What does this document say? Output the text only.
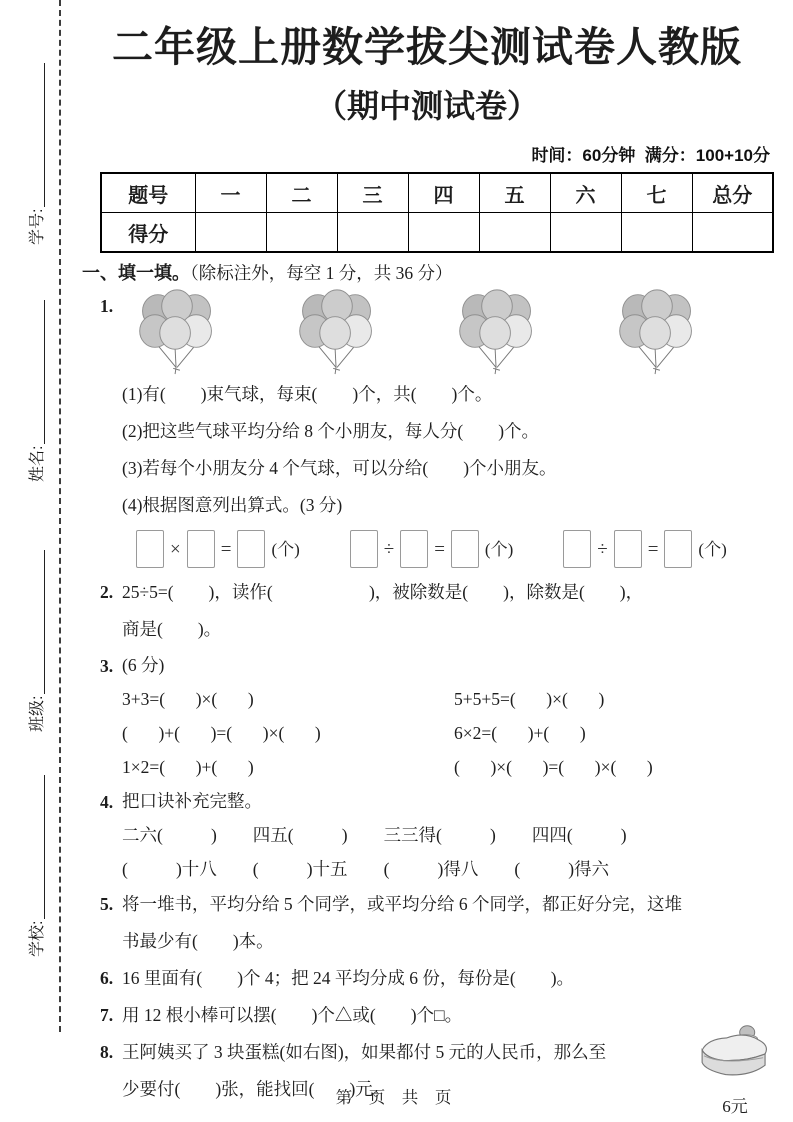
学号:
姓名:
班级:
学校:
二年级上册数学拔尖测试卷人教版
（期中测试卷）
时间：60分钟  满分：100+10分
题号	一	二	三	四	五	六	七	总分
得分								
一、填一填。（除标注外，每空 1 分，共 36 分）
1.
(1)有(        )束气球，每束(        )个，共(        )个。
(2)把这些气球平均分给 8 个小朋友，每人分(        )个。
(3)若每个小朋友分 4 个气球，可以分给(        )个小朋友。
(4)根据图意列出算式。(3 分)
× = (个)	÷ = (个)	÷ = (个)
2. 25÷5=(        )，读作(                      )，被除数是(        )，除数是(        )，
商是(        )。
3. (6 分)
3+3=(       )×(       )	5+5+5=(       )×(       )
(       )+(       )=(       )×(       )	6×2=(       )+(       )
1×2=(       )+(       )	(       )×(       )=(       )×(       )
4. 把口诀补充完整。
二六(           ) 四五(           ) 三三得(           ) 四四(           )
(           )十八 (           )十五 (           )得八 (           )得六
5. 将一堆书，平均分给 5 个同学，或平均分给 6 个同学，都正好分完，这堆
书最少有(        )本。
6. 16 里面有(        )个 4；把 24 平均分成 6 份，每份是(        )。
7. 用 12 根小棒可以摆(        )个△或(        )个□。
8. 王阿姨买了 3 块蛋糕(如右图)，如果都付 5 元的人民币，那么至
少要付(        )张，能找回(        )元。
6元
第 页 共 页
